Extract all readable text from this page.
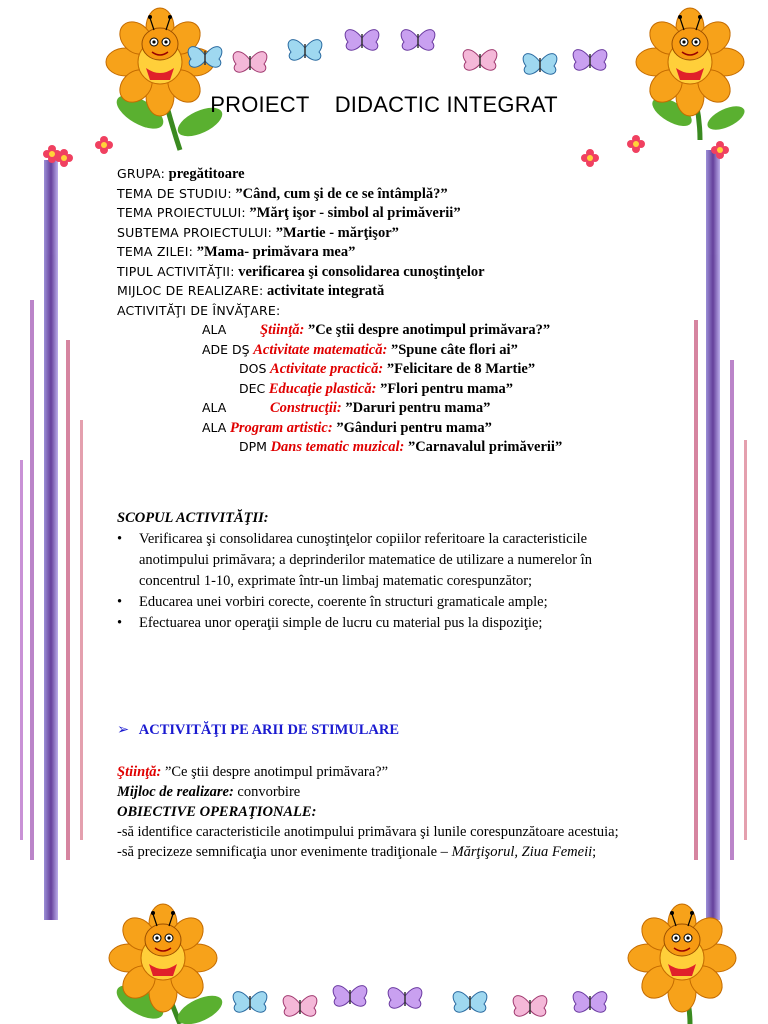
PROIECT DIDACTIC INTEGRAT
GRUPA: pregătitoare
TEMA DE STUDIU: ”Când, cum şi de ce se întâmplă?”
TEMA PROIECTULUI: ”Mărţ işor - simbol al primăverii”
SUBTEMA PROIECTULUI: ”Martie - mărţişor”
TEMA ZILEI: ”Mama- primăvara mea”
TIPUL ACTIVITĂŢII: verificarea şi consolidarea cunoştinţelor
MIJLOC DE REALIZARE: activitate integrată
ACTIVITĂŢI DE ÎNVĂŢARE:
ALA Ştiinţă: ”Ce ştii despre anotimpul primăvara?”
ADE DŞ Activitate matematică: ”Spune câte flori ai”
DOS Activitate practică: ”Felicitare de 8 Martie”
DEC Educaţie plastică: ”Flori pentru mama”
ALA	Construcţii: ”Daruri pentru mama”
ALA Program artistic: ”Gânduri pentru mama”
DPM Dans tematic muzical: ”Carnavalul primăverii”
SCOPUL ACTIVITĂŢII:
•	Verificarea şi consolidarea cunoştinţelor copiilor referitoare la caracteristicile anotimpului primăvara; a deprinderilor matematice de utilizare a numerelor în concentrul 1-10, exprimate într-un limbaj matematic corespunzător;
•	Educarea unei vorbiri corecte, coerente în structuri gramaticale ample;
•	Efectuarea unor operaţii simple de lucru cu material pus la dispoziţie;
➢ ACTIVITĂŢI PE ARII DE STIMULARE
Ştiinţă: ”Ce ştii despre anotimpul primăvara?”
Mijloc de realizare: convorbire
OBIECTIVE OPERAŢIONALE:
-să identifice caracteristicile anotimpului primăvara şi lunile corespunzătoare acestuia;
-să precizeze semnificaţia unor evenimente tradiţionale – Mărţişorul, Ziua Femeii;
